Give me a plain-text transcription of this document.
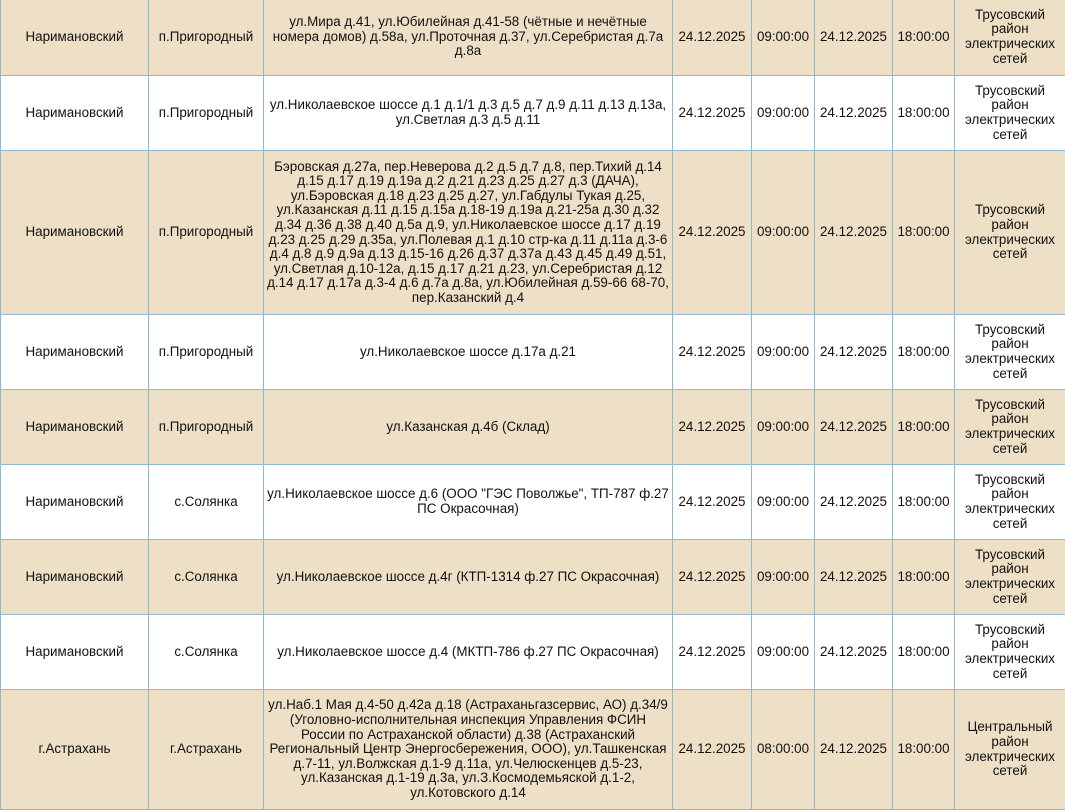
Наримановский	п.Пригородный	ул.Мира д.41, ул.Юбилейная д.41-58 (чётные и нечётные номера домов) д.58а, ул.Проточная д.37, ул.Серебристая д.7а д.8а	24.12.2025	09:00:00	24.12.2025	18:00:00	Трусовский район электрических сетей
Наримановский	п.Пригородный	ул.Николаевское шоссе д.1 д.1/1 д.3 д.5 д.7 д.9 д.11 д.13 д.13а, ул.Светлая д.3 д.5 д.11	24.12.2025	09:00:00	24.12.2025	18:00:00	Трусовский район электрических сетей
Наримановский	п.Пригородный	Бэровская д.27а, пер.Неверова д.2 д.5 д.7 д.8, пер.Тихий д.14 д.15 д.17 д.19 д.19а д.2 д.21 д.23 д.25 д.27 д.3 (ДАЧА), ул.Бэровская д.18 д.23 д.25 д.27, ул.Габдулы Тукая д.25, ул.Казанская д.11 д.15 д.15а д.18-19 д.19а д.21-25а д.30 д.32 д.34 д.36 д.38 д.40 д.5а д.9, ул.Николаевское шоссе д.17 д.19 д.23 д.25 д.29 д.35а, ул.Полевая д.1 д.10 стр-ка д.11 д.11а д.3-6 д.4 д.8 д.9 д.9а д.13 д.15-16 д.26 д.37 д.37а д.43 д.45 д.49 д.51, ул.Светлая д.10-12а, д.15 д.17 д.21 д.23, ул.Серебристая д.12 д.14 д.17 д.17а д.3-4 д.6 д.7а д.8а, ул.Юбилейная д.59-66 68-70, пер.Казанский д.4	24.12.2025	09:00:00	24.12.2025	18:00:00	Трусовский район электрических сетей
Наримановский	п.Пригородный	ул.Николаевское шоссе д.17а д.21	24.12.2025	09:00:00	24.12.2025	18:00:00	Трусовский район электрических сетей
Наримановский	п.Пригородный	ул.Казанская д.4б (Склад)	24.12.2025	09:00:00	24.12.2025	18:00:00	Трусовский район электрических сетей
Наримановский	с.Солянка	ул.Николаевское шоссе д.6 (ООО "ГЭС Поволжье", ТП-787 ф.27 ПС Окрасочная)	24.12.2025	09:00:00	24.12.2025	18:00:00	Трусовский район электрических сетей
Наримановский	с.Солянка	ул.Николаевское шоссе д.4г (КТП-1314 ф.27 ПС Окрасочная)	24.12.2025	09:00:00	24.12.2025	18:00:00	Трусовский район электрических сетей
Наримановский	с.Солянка	ул.Николаевское шоссе д.4 (МКТП-786 ф.27 ПС Окрасочная)	24.12.2025	09:00:00	24.12.2025	18:00:00	Трусовский район электрических сетей
г.Астрахань	г.Астрахань	ул.Наб.1 Мая д.4-50 д.42а д.18 (Астраханьгазсервис, АО) д.34/9 (Уголовно-исполнительная инспекция Управления ФСИН России по Астраханской области) д.38 (Астраханский Региональный Центр Энергосбережения, ООО), ул.Ташкенская д.7-11, ул.Волжская д.1-9 д.11а, ул.Челюскенцев д.5-23, ул.Казанская д.1-19 д.3а, ул.З.Космодемьяской д.1-2, ул.Котовского д.14	24.12.2025	08:00:00	24.12.2025	18:00:00	Центральный район электрических сетей
